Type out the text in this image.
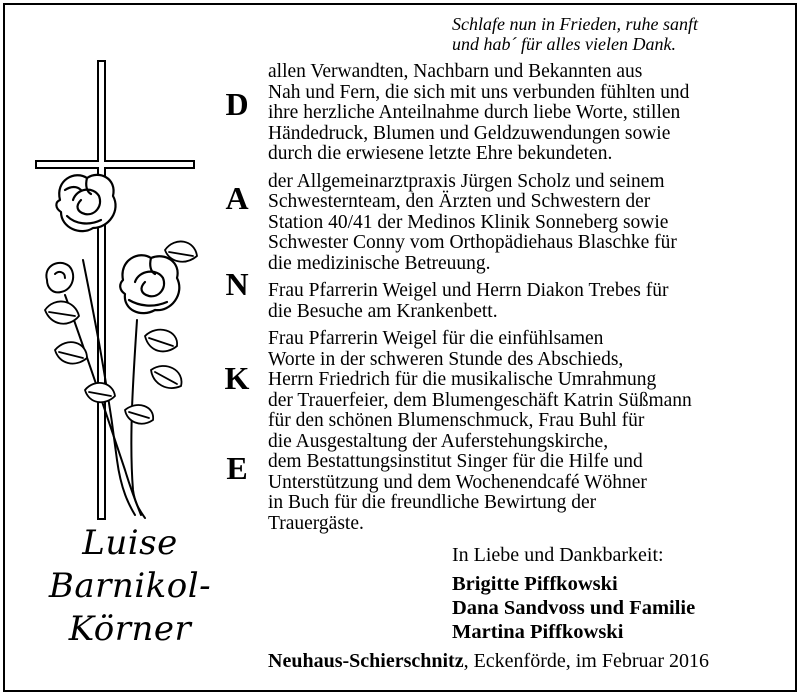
Schlafe nun in Frieden, ruhe sanft
und hab´ für alles vielen Dank.
D
A
N
K
E

allen Verwandten, Nachbarn und Bekannten aus
Nah und Fern, die sich mit uns verbunden fühlten und
ihre herzliche Anteilnahme durch liebe Worte, stillen
Händedruck, Blumen und Geldzuwendungen sowie
durch die erwiesene letzte Ehre bekundeten.

der Allgemeinarztpraxis Jürgen Scholz und seinem
Schwesternteam, den Ärzten und Schwestern der
Station 40/41 der Medinos Klinik Sonneberg sowie
Schwester Conny vom Orthopädiehaus Blaschke für
die medizinische Betreuung.

Frau Pfarrerin Weigel und Herrn Diakon Trebes für
die Besuche am Krankenbett.

Frau Pfarrerin Weigel für die einfühlsamen
Worte in der schweren Stunde des Abschieds,
Herrn Friedrich für die musikalische Umrahmung
der Trauerfeier, dem Blumengeschäft Katrin Süßmann
für den schönen Blumenschmuck, Frau Buhl für
die Ausgestaltung der Auferstehungskirche,
dem Bestattungsinstitut Singer für die Hilfe und
Unterstützung und dem Wochenendcafé Wöhner
in Buch für die freundliche Bewirtung der
Trauergäste.

Luise
Barnikol-
Körner
In Liebe und Dankbarkeit:
Brigitte Piffkowski
Dana Sandvoss und Familie
Martina Piffkowski
Neuhaus-Schierschnitz, Eckenförde, im Februar 2016
